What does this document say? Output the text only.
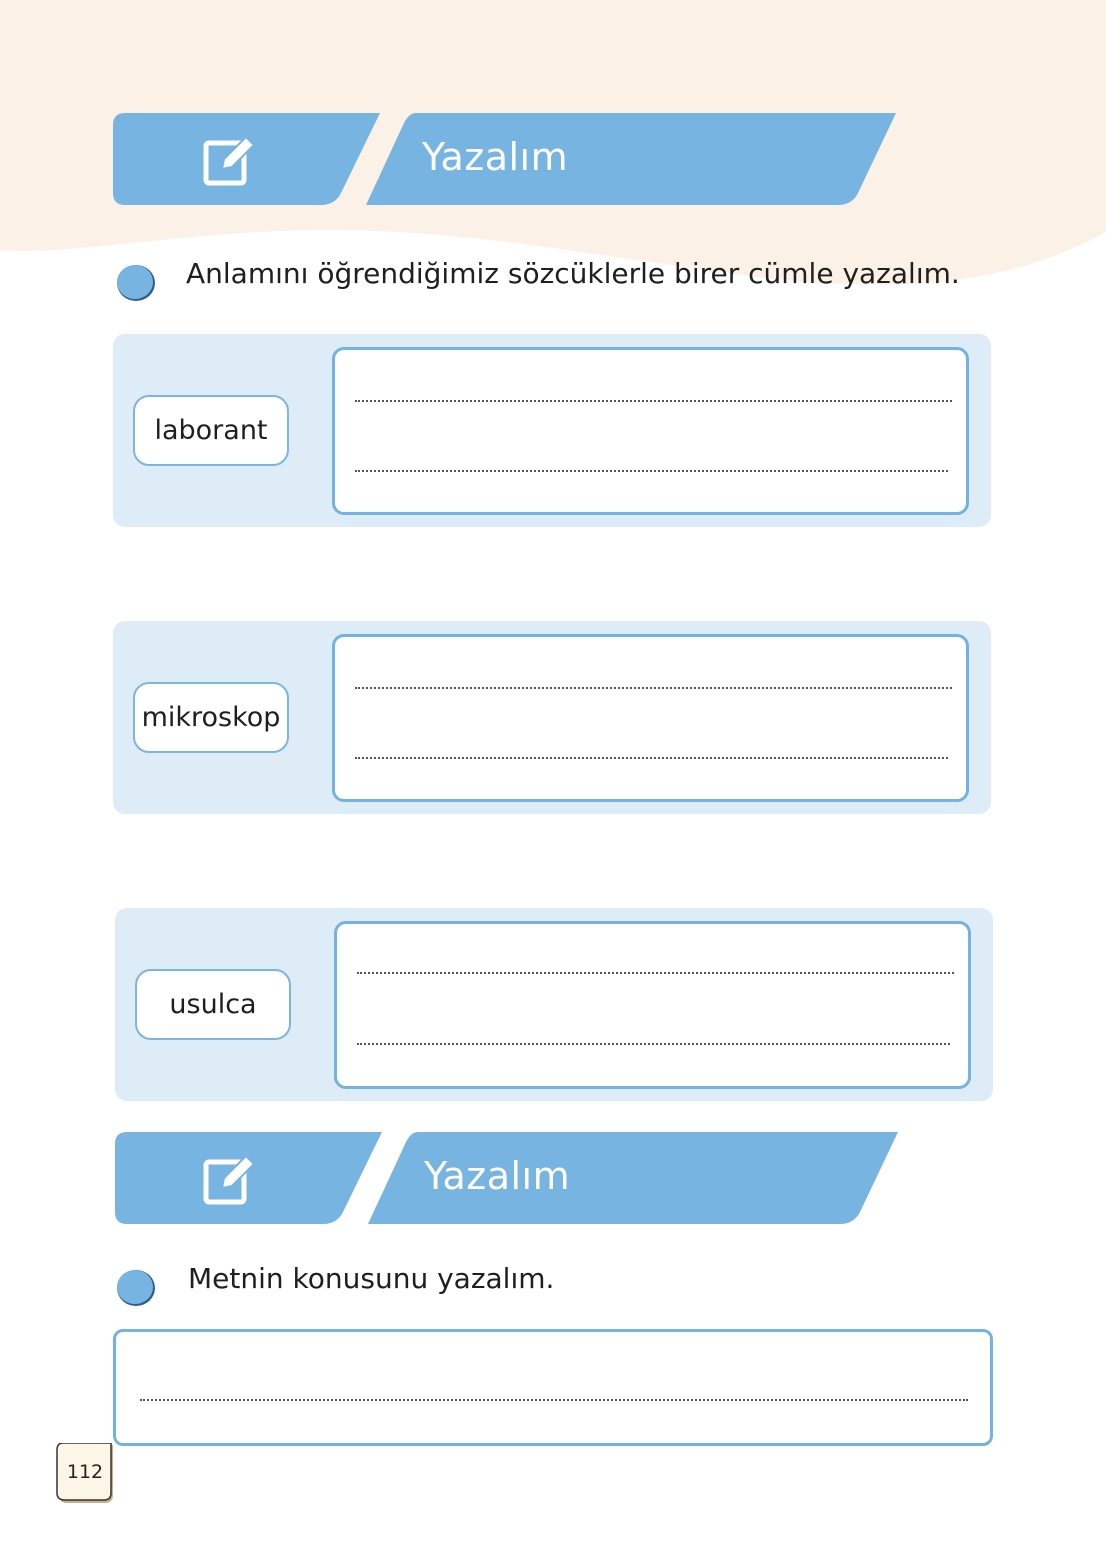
Yazalım
Anlamını öğrendiğimiz sözcüklerle birer cümle yazalım.
laborant
mikroskop
usulca
Yazalım
Metnin konusunu yazalım.
112
